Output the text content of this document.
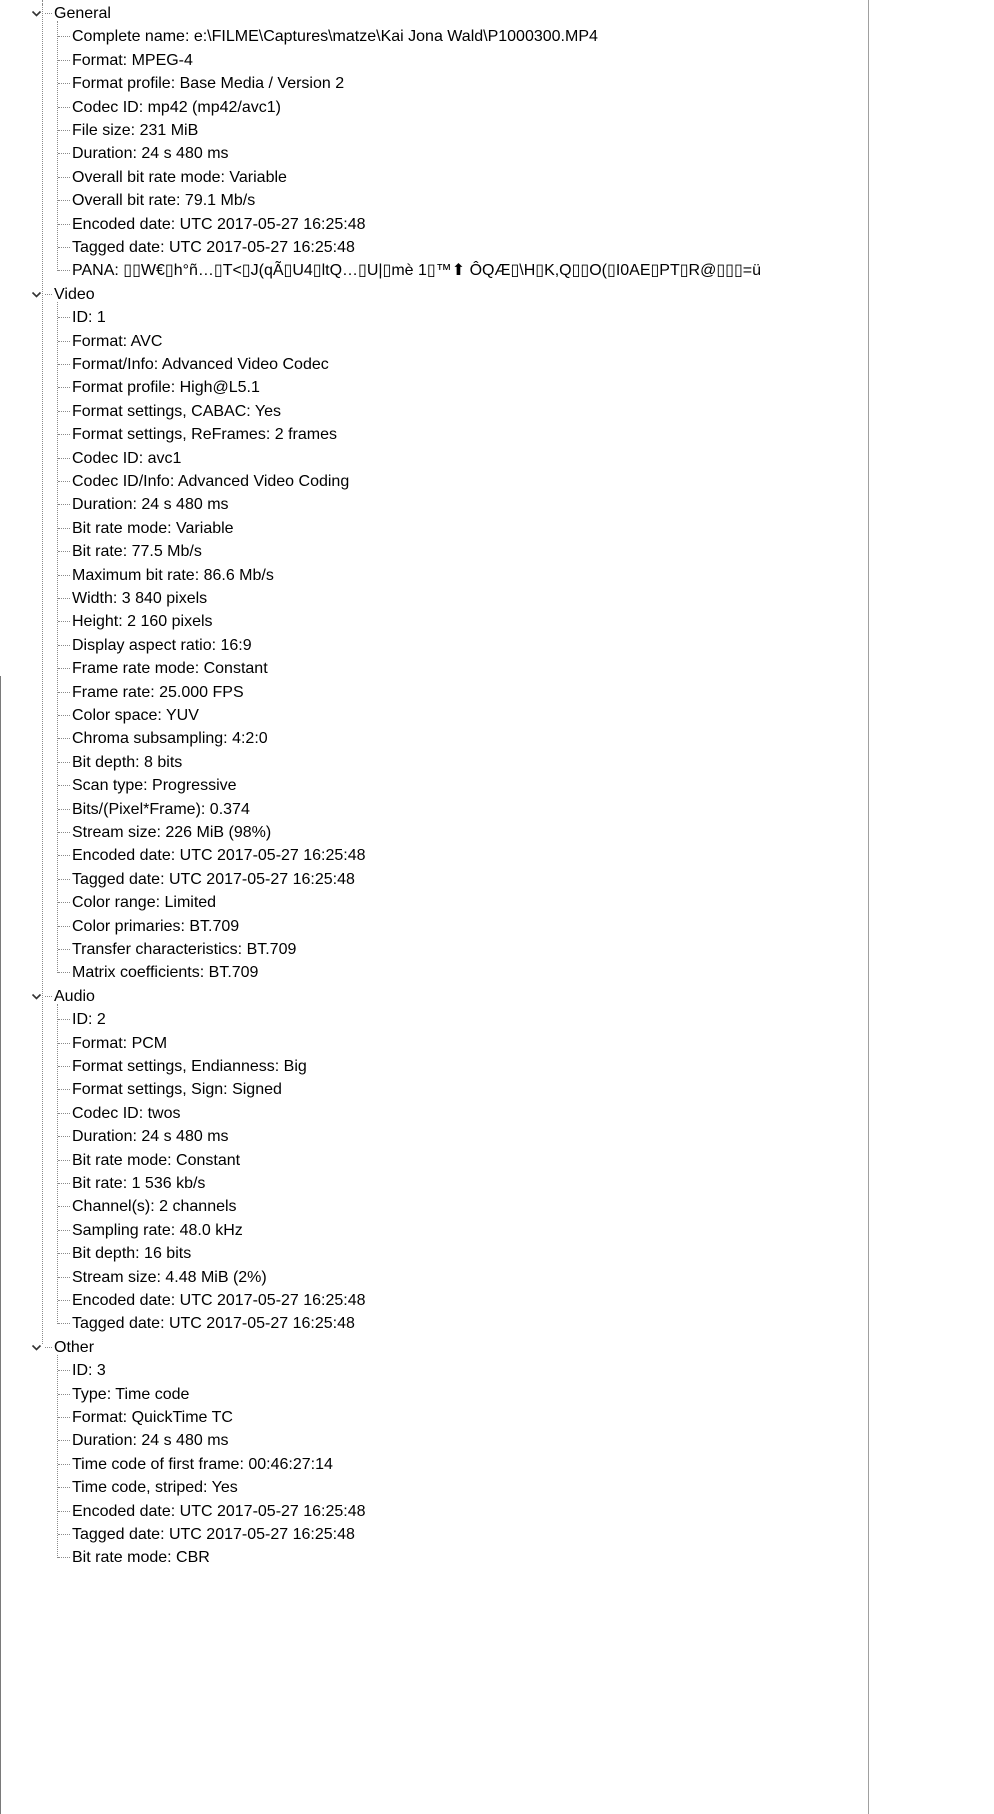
General
Complete name: e:\FILME\Captures\matze\Kai Jona Wald\P1000300.MP4
Format: MPEG-4
Format profile: Base Media / Version 2
Codec ID: mp42 (mp42/avc1)
File size: 231 MiB
Duration: 24 s 480 ms
Overall bit rate mode: Variable
Overall bit rate: 79.1 Mb/s
Encoded date: UTC 2017-05-27 16:25:48
Tagged date: UTC 2017-05-27 16:25:48
PANA: ▯▯W€▯h°ñ…▯T<▯J(qÃ▯U4▯ltQ…▯U|▯mè 1▯™⬆ ÔQÆ▯\H▯K,Q▯▯O(▯I0AE▯PT▯R@▯▯▯=ü
Video
ID: 1
Format: AVC
Format/Info: Advanced Video Codec
Format profile: High@L5.1
Format settings, CABAC: Yes
Format settings, ReFrames: 2 frames
Codec ID: avc1
Codec ID/Info: Advanced Video Coding
Duration: 24 s 480 ms
Bit rate mode: Variable
Bit rate: 77.5 Mb/s
Maximum bit rate: 86.6 Mb/s
Width: 3 840 pixels
Height: 2 160 pixels
Display aspect ratio: 16:9
Frame rate mode: Constant
Frame rate: 25.000 FPS
Color space: YUV
Chroma subsampling: 4:2:0
Bit depth: 8 bits
Scan type: Progressive
Bits/(Pixel*Frame): 0.374
Stream size: 226 MiB (98%)
Encoded date: UTC 2017-05-27 16:25:48
Tagged date: UTC 2017-05-27 16:25:48
Color range: Limited
Color primaries: BT.709
Transfer characteristics: BT.709
Matrix coefficients: BT.709
Audio
ID: 2
Format: PCM
Format settings, Endianness: Big
Format settings, Sign: Signed
Codec ID: twos
Duration: 24 s 480 ms
Bit rate mode: Constant
Bit rate: 1 536 kb/s
Channel(s): 2 channels
Sampling rate: 48.0 kHz
Bit depth: 16 bits
Stream size: 4.48 MiB (2%)
Encoded date: UTC 2017-05-27 16:25:48
Tagged date: UTC 2017-05-27 16:25:48
Other
ID: 3
Type: Time code
Format: QuickTime TC
Duration: 24 s 480 ms
Time code of first frame: 00:46:27:14
Time code, striped: Yes
Encoded date: UTC 2017-05-27 16:25:48
Tagged date: UTC 2017-05-27 16:25:48
Bit rate mode: CBR
